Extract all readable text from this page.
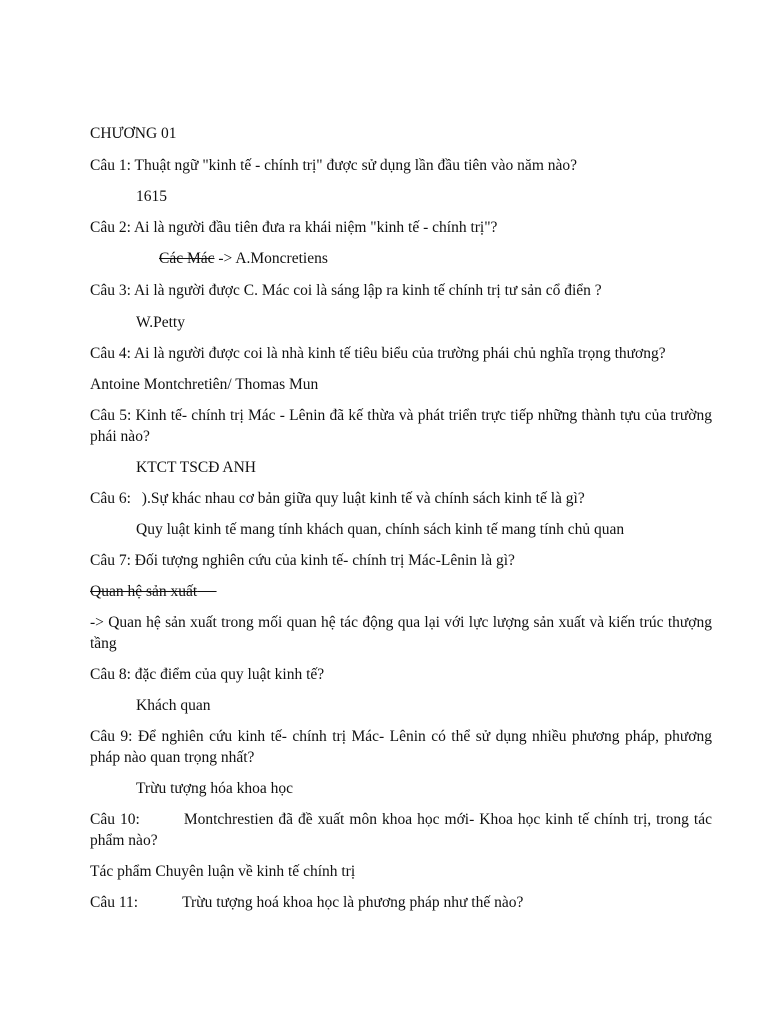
CHƯƠNG 01
Câu 1: Thuật ngữ "kinh tế - chính trị" được sử dụng lần đầu tiên vào năm nào?
1615
Câu 2: Ai là người đầu tiên đưa ra khái niệm "kinh tế - chính trị"?
Các Mác -> A.Moncretiens
Câu 3: Ai là người được C. Mác coi là sáng lập ra kinh tế chính trị tư sản cổ điển ?
W.Petty
Câu 4: Ai là người được coi là nhà kinh tế tiêu biểu của trường phái chủ nghĩa trọng thương?
Antoine Montchretiên/ Thomas Mun
Câu 5: Kinh tế- chính trị Mác - Lênin đã kế thừa và phát triển trực tiếp những thành tựu của trường phái nào?
KTCT TSCĐ ANH
Câu 6: ).Sự khác nhau cơ bản giữa quy luật kinh tế và chính sách kinh tế là gì?
Quy luật kinh tế mang tính khách quan, chính sách kinh tế mang tính chủ quan
Câu 7: Đối tượng nghiên cứu của kinh tế- chính trị Mác-Lênin là gì?
Quan hệ sản xuất
-> Quan hệ sản xuất trong mối quan hệ tác động qua lại với lực lượng sản xuất và kiến trúc thượng tầng
Câu 8: đặc điểm của quy luật kinh tế?
Khách quan
Câu 9: Để nghiên cứu kinh tế- chính trị Mác- Lênin có thể sử dụng nhiều phương pháp, phương pháp nào quan trọng nhất?
Trừu tượng hóa khoa học
Câu 10:	Montchrestien đã đề xuất môn khoa học mới- Khoa học kinh tế chính trị, trong tác phẩm nào?
Tác phẩm Chuyên luận về kinh tế chính trị
Câu 11:	Trừu tượng hoá khoa học là phương pháp như thế nào?
